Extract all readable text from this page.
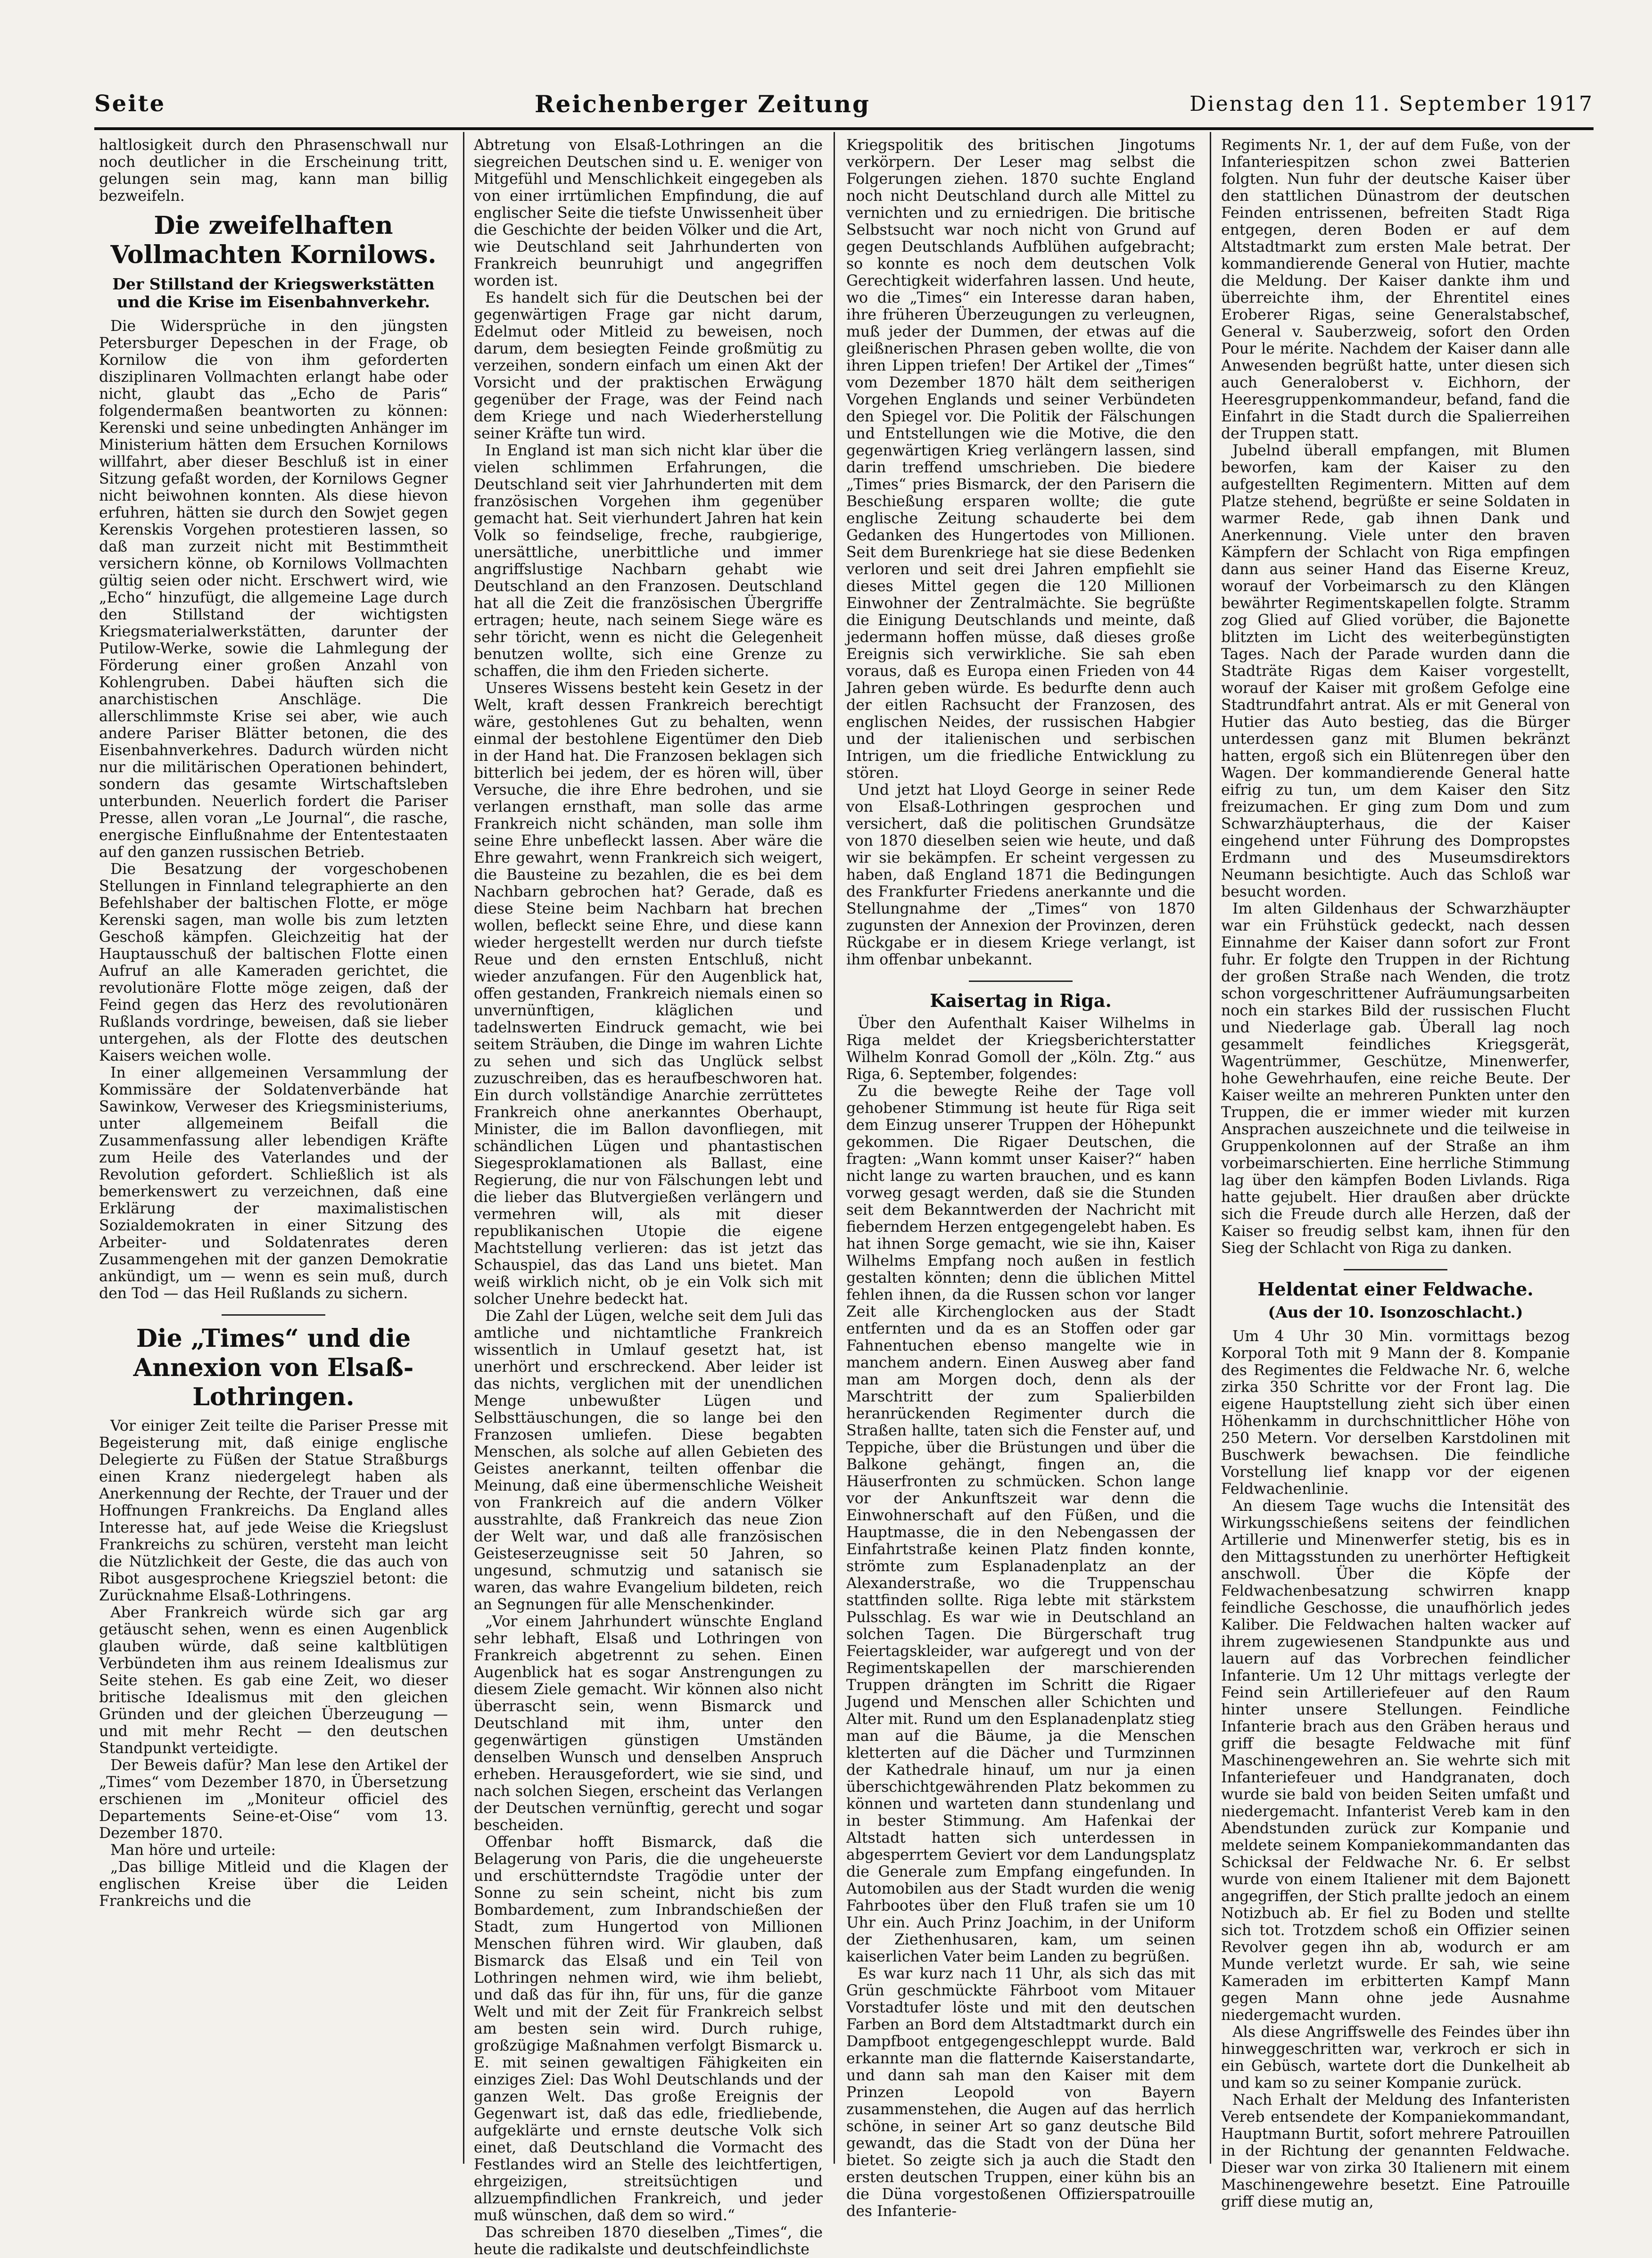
Seite	Reichenberger Zeitung	Dienstag den 11. September 1917

haltlosigkeit durch den Phrasenschwall nur noch deutlicher in die Erscheinung tritt, gelungen sein mag, kann man billig bezweifeln.

Die zweifelhaften Vollmachten Kornilows.
Der Stillstand der Kriegswerkstätten und die Krise im Eisenbahnverkehr.

Die Widersprüche in den jüngsten Petersburger Depeschen in der Frage, ob Kornilow die von ihm geforderten disziplinaren Vollmachten erlangt habe oder nicht, glaubt das „Echo de Paris“ folgendermaßen beantworten zu können: Kerenski und seine unbedingten Anhänger im Ministerium hätten dem Ersuchen Kornilows willfahrt, aber dieser Beschluß ist in einer Sitzung gefaßt worden, der Kornilows Gegner nicht beiwohnen konnten. Als diese hievon erfuhren, hätten sie durch den Sowjet gegen Kerenskis Vorgehen protestieren lassen, so daß man zurzeit nicht mit Bestimmtheit versichern könne, ob Kornilows Vollmachten gültig seien oder nicht. Erschwert wird, wie „Echo“ hinzufügt, die allgemeine Lage durch den Stillstand der wichtigsten Kriegsmaterialwerkstätten, darunter der Putilow-Werke, sowie die Lahmlegung der Förderung einer großen Anzahl von Kohlengruben. Dabei häuften sich die anarchistischen Anschläge. Die allerschlimmste Krise sei aber, wie auch andere Pariser Blätter betonen, die des Eisenbahnverkehres. Dadurch würden nicht nur die militärischen Operationen behindert, sondern das gesamte Wirtschaftsleben unterbunden. Neuerlich fordert die Pariser Presse, allen voran „Le Journal“, die rasche, energische Einflußnahme der Ententestaaten auf den ganzen russischen Betrieb.

Die Besatzung der vorgeschobenen Stellungen in Finnland telegraphierte an den Befehlshaber der baltischen Flotte, er möge Kerenski sagen, man wolle bis zum letzten Geschoß kämpfen. Gleichzeitig hat der Hauptausschuß der baltischen Flotte einen Aufruf an alle Kameraden gerichtet, die revolutionäre Flotte möge zeigen, daß der Feind gegen das Herz des revolutionären Rußlands vordringe, beweisen, daß sie lieber untergehen, als der Flotte des deutschen Kaisers weichen wolle.

In einer allgemeinen Versammlung der Kommissäre der Soldatenverbände hat Sawinkow, Verweser des Kriegsministeriums, unter allgemeinem Beifall die Zusammenfassung aller lebendigen Kräfte zum Heile des Vaterlandes und der Revolution gefordert. Schließlich ist als bemerkenswert zu verzeichnen, daß eine Erklärung der maximalistischen Sozialdemokraten in einer Sitzung des Arbeiter- und Soldatenrates deren Zusammengehen mit der ganzen Demokratie ankündigt, um — wenn es sein muß, durch den Tod — das Heil Rußlands zu sichern.

Die „Times“ und die Annexion von Elsaß-Lothringen.

Vor einiger Zeit teilte die Pariser Presse mit Begeisterung mit, daß einige englische Delegierte zu Füßen der Statue Straßburgs einen Kranz niedergelegt haben als Anerkennung der Rechte, der Trauer und der Hoffnungen Frankreichs. Da England alles Interesse hat, auf jede Weise die Kriegslust Frankreichs zu schüren, versteht man leicht die Nützlichkeit der Geste, die das auch von Ribot ausgesprochene Kriegsziel betont: die Zurücknahme Elsaß-Lothringens.

Aber Frankreich würde sich gar arg getäuscht sehen, wenn es einen Augenblick glauben würde, daß seine kaltblütigen Verbündeten ihm aus reinem Idealismus zur Seite stehen. Es gab eine Zeit, wo dieser britische Idealismus mit den gleichen Gründen und der gleichen Überzeugung — und mit mehr Recht — den deutschen Standpunkt verteidigte.

Der Beweis dafür? Man lese den Artikel der „Times“ vom Dezember 1870, in Übersetzung erschienen im „Moniteur officiel des Departements Seine-et-Oise“ vom 13. Dezember 1870.

Man höre und urteile:

„Das billige Mitleid und die Klagen der englischen Kreise über die Leiden Frankreichs und die

Abtretung von Elsaß-Lothringen an die siegreichen Deutschen sind u. E. weniger von Mitgefühl und Menschlichkeit eingegeben als von einer irrtümlichen Empfindung, die auf englischer Seite die tiefste Unwissenheit über die Geschichte der beiden Völker und die Art, wie Deutschland seit Jahrhunderten von Frankreich beunruhigt und angegriffen worden ist.

Es handelt sich für die Deutschen bei der gegenwärtigen Frage gar nicht darum, Edelmut oder Mitleid zu beweisen, noch darum, dem besiegten Feinde großmütig zu verzeihen, sondern einfach um einen Akt der Vorsicht und der praktischen Erwägung gegenüber der Frage, was der Feind nach dem Kriege und nach Wiederherstellung seiner Kräfte tun wird.

In England ist man sich nicht klar über die vielen schlimmen Erfahrungen, die Deutschland seit vier Jahrhunderten mit dem französischen Vorgehen ihm gegenüber gemacht hat. Seit vierhundert Jahren hat kein Volk so feindselige, freche, raubgierige, unersättliche, unerbittliche und immer angriffslustige Nachbarn gehabt wie Deutschland an den Franzosen. Deutschland hat all die Zeit die französischen Übergriffe ertragen; heute, nach seinem Siege wäre es sehr töricht, wenn es nicht die Gelegenheit benutzen wollte, sich eine Grenze zu schaffen, die ihm den Frieden sicherte.

Unseres Wissens besteht kein Gesetz in der Welt, kraft dessen Frankreich berechtigt wäre, gestohlenes Gut zu behalten, wenn einmal der bestohlene Eigentümer den Dieb in der Hand hat. Die Franzosen beklagen sich bitterlich bei jedem, der es hören will, über Versuche, die ihre Ehre bedrohen, und sie verlangen ernsthaft, man solle das arme Frankreich nicht schänden, man solle ihm seine Ehre unbefleckt lassen. Aber wäre die Ehre gewahrt, wenn Frankreich sich weigert, die Bausteine zu bezahlen, die es bei dem Nachbarn gebrochen hat? Gerade, daß es diese Steine beim Nachbarn hat brechen wollen, befleckt seine Ehre, und diese kann wieder hergestellt werden nur durch tiefste Reue und den ernsten Entschluß, nicht wieder anzufangen. Für den Augenblick hat, offen gestanden, Frankreich niemals einen so unvernünftigen, kläglichen und tadelnswerten Eindruck gemacht, wie bei seitem Sträuben, die Dinge im wahren Lichte zu sehen und sich das Unglück selbst zuzuschreiben, das es heraufbeschworen hat. Ein durch vollständige Anarchie zerrüttetes Frankreich ohne anerkanntes Oberhaupt, Minister, die im Ballon davonfliegen, mit schändlichen Lügen und phantastischen Siegesproklamationen als Ballast, eine Regierung, die nur von Fälschungen lebt und die lieber das Blutvergießen verlängern und vermehren will, als mit dieser republikanischen Utopie die eigene Machtstellung verlieren: das ist jetzt das Schauspiel, das das Land uns bietet. Man weiß wirklich nicht, ob je ein Volk sich mit solcher Unehre bedeckt hat.

Die Zahl der Lügen, welche seit dem Juli das amtliche und nichtamtliche Frankreich wissentlich in Umlauf gesetzt hat, ist unerhört und erschreckend. Aber leider ist das nichts, verglichen mit der unendlichen Menge unbewußter Lügen und Selbsttäuschungen, die so lange bei den Franzosen umliefen. Diese begabten Menschen, als solche auf allen Gebieten des Geistes anerkannt, teilten offenbar die Meinung, daß eine übermenschliche Weisheit von Frankreich auf die andern Völker ausstrahlte, daß Frankreich das neue Zion der Welt war, und daß alle französischen Geisteserzeugnisse seit 50 Jahren, so ungesund, schmutzig und satanisch sie waren, das wahre Evangelium bildeten, reich an Segnungen für alle Menschenkinder.

„Vor einem Jahrhundert wünschte England sehr lebhaft, Elsaß und Lothringen von Frankreich abgetrennt zu sehen. Einen Augenblick hat es sogar Anstrengungen zu diesem Ziele gemacht. Wir können also nicht überrascht sein, wenn Bismarck und Deutschland mit ihm, unter den gegenwärtigen günstigen Umständen denselben Wunsch und denselben Anspruch erheben. Herausgefordert, wie sie sind, und nach solchen Siegen, erscheint das Verlangen der Deutschen vernünftig, gerecht und sogar bescheiden.

Offenbar hofft Bismarck, daß die Belagerung von Paris, die die ungeheuerste und erschütterndste Tragödie unter der Sonne zu sein scheint, nicht bis zum Bombardement, zum Inbrandschießen der Stadt, zum Hungertod von Millionen Menschen führen wird. Wir glauben, daß Bismarck das Elsaß und ein Teil von Lothringen nehmen wird, wie ihm beliebt, und daß das für ihn, für uns, für die ganze Welt und mit der Zeit für Frankreich selbst am besten sein wird. Durch ruhige, großzügige Maßnahmen verfolgt Bismarck u. E. mit seinen gewaltigen Fähigkeiten ein einziges Ziel: Das Wohl Deutschlands und der ganzen Welt. Das große Ereignis der Gegenwart ist, daß das edle, friedliebende, aufgeklärte und ernste deutsche Volk sich einet, daß Deutschland die Vormacht des Festlandes wird an Stelle des leichtfertigen, ehrgeizigen, streitsüchtigen und allzuempfindlichen Frankreich, und jeder muß wünschen, daß dem so wird.“

Das schreiben 1870 dieselben „Times“, die heute die radikalste und deutschfeindlichste

Kriegspolitik des britischen Jingotums verkörpern. Der Leser mag selbst die Folgerungen ziehen. 1870 suchte England noch nicht Deutschland durch alle Mittel zu vernichten und zu erniedrigen. Die britische Selbstsucht war noch nicht von Grund auf gegen Deutschlands Aufblühen aufgebracht; so konnte es noch dem deutschen Volk Gerechtigkeit widerfahren lassen. Und heute, wo die „Times“ ein Interesse daran haben, ihre früheren Überzeugungen zu verleugnen, muß jeder der Dummen, der etwas auf die gleißnerischen Phrasen geben wollte, die von ihren Lippen triefen! Der Artikel der „Times“ vom Dezember 1870 hält dem seitherigen Vorgehen Englands und seiner Verbündeten den Spiegel vor. Die Politik der Fälschungen und Entstellungen wie die Motive, die den gegenwärtigen Krieg verlängern lassen, sind darin treffend umschrieben. Die biedere „Times“ pries Bismarck, der den Parisern die Beschießung ersparen wollte; die gute englische Zeitung schauderte bei dem Gedanken des Hungertodes von Millionen. Seit dem Burenkriege hat sie diese Bedenken verloren und seit drei Jahren empfiehlt sie dieses Mittel gegen die 120 Millionen Einwohner der Zentralmächte. Sie begrüßte die Einigung Deutschlands und meinte, daß jedermann hoffen müsse, daß dieses große Ereignis sich verwirkliche. Sie sah eben voraus, daß es Europa einen Frieden von 44 Jahren geben würde. Es bedurfte denn auch der eitlen Rachsucht der Franzosen, des englischen Neides, der russischen Habgier und der italienischen und serbischen Intrigen, um die friedliche Entwicklung zu stören.

Und jetzt hat Lloyd George in seiner Rede von Elsaß-Lothringen gesprochen und versichert, daß die politischen Grundsätze von 1870 dieselben seien wie heute, und daß wir sie bekämpfen. Er scheint vergessen zu haben, daß England 1871 die Bedingungen des Frankfurter Friedens anerkannte und die Stellungnahme der „Times“ von 1870 zugunsten der Annexion der Provinzen, deren Rückgabe er in diesem Kriege verlangt, ist ihm offenbar unbekannt.

Kaisertag in Riga.

Über den Aufenthalt Kaiser Wilhelms in Riga meldet der Kriegsberichterstatter Wilhelm Konrad Gomoll der „Köln. Ztg.“ aus Riga, 6. September, folgendes:

Zu die bewegte Reihe der Tage voll gehobener Stimmung ist heute für Riga seit dem Einzug unserer Truppen der Höhepunkt gekommen. Die Rigaer Deutschen, die fragten: „Wann kommt unser Kaiser?“ haben nicht lange zu warten brauchen, und es kann vorweg gesagt werden, daß sie die Stunden seit dem Bekanntwerden der Nachricht mit fieberndem Herzen entgegengelebt haben. Es hat ihnen Sorge gemacht, wie sie ihn, Kaiser Wilhelms Empfang noch außen in festlich gestalten könnten; denn die üblichen Mittel fehlen ihnen, da die Russen schon vor langer Zeit alle Kirchenglocken aus der Stadt entfernten und da es an Stoffen oder gar Fahnentuchen ebenso mangelte wie in manchem andern. Einen Ausweg aber fand man am Morgen doch, denn als der Marschtritt der zum Spalierbilden heranrückenden Regimenter durch die Straßen hallte, taten sich die Fenster auf, und Teppiche, über die Brüstungen und über die Balkone gehängt, fingen an, die Häuserfronten zu schmücken. Schon lange vor der Ankunftszeit war denn die Einwohnerschaft auf den Füßen, und die Hauptmasse, die in den Nebengassen der Einfahrtstraße keinen Platz finden konnte, strömte zum Esplanadenplatz an der Alexanderstraße, wo die Truppenschau stattfinden sollte. Riga lebte mit stärkstem Pulsschlag. Es war wie in Deutschland an solchen Tagen. Die Bürgerschaft trug Feiertagskleider, war aufgeregt und von der Regimentskapellen der marschierenden Truppen drängten im Schritt die Rigaer Jugend und Menschen aller Schichten und Alter mit. Rund um den Esplanadenplatz stieg man auf die Bäume, ja die Menschen kletterten auf die Dächer und Turmzinnen der Kathedrale hinauf, um nur ja einen überschichtgewährenden Platz bekommen zu können und warteten dann stundenlang und in bester Stimmung. Am Hafenkai der Altstadt hatten sich unterdessen in abgesperrtem Geviert vor dem Landungsplatz die Generale zum Empfang eingefunden. In Automobilen aus der Stadt wurden die wenig Fahrbootes über den Fluß trafen sie um 10 Uhr ein. Auch Prinz Joachim, in der Uniform der Ziethenhusaren, kam, um seinen kaiserlichen Vater beim Landen zu begrüßen.

Es war kurz nach 11 Uhr, als sich das mit Grün geschmückte Fährboot vom Mitauer Vorstadtufer löste und mit den deutschen Farben an Bord dem Altstadtmarkt durch ein Dampfboot entgegengeschleppt wurde. Bald erkannte man die flatternde Kaiserstandarte, und dann sah man den Kaiser mit dem Prinzen Leopold von Bayern zusammenstehen, die Augen auf das herrlich schöne, in seiner Art so ganz deutsche Bild gewandt, das die Stadt von der Düna her bietet. So zeigte sich ja auch die Stadt den ersten deutschen Truppen, einer kühn bis an die Düna vorgestoßenen Offizierspatrouille des Infanterie-

Regiments Nr. 1, der auf dem Fuße, von der Infanteriespitzen schon zwei Batterien folgten. Nun fuhr der deutsche Kaiser über den stattlichen Dünastrom der deutschen Feinden entrissenen, befreiten Stadt Riga entgegen, deren Boden er auf dem Altstadtmarkt zum ersten Male betrat. Der kommandierende General von Hutier, machte die Meldung. Der Kaiser dankte ihm und überreichte ihm, der Ehrentitel eines Eroberer Rigas, seine Generalstabschef, General v. Sauberzweig, sofort den Orden Pour le mérite. Nachdem der Kaiser dann alle Anwesenden begrüßt hatte, unter diesen sich auch Generaloberst v. Eichhorn, der Heeresgruppenkommandeur, befand, fand die Einfahrt in die Stadt durch die Spalierreihen der Truppen statt.

Jubelnd überall empfangen, mit Blumen beworfen, kam der Kaiser zu den aufgestellten Regimentern. Mitten auf dem Platze stehend, begrüßte er seine Soldaten in warmer Rede, gab ihnen Dank und Anerkennung. Viele unter den braven Kämpfern der Schlacht von Riga empfingen dann aus seiner Hand das Eiserne Kreuz, worauf der Vorbeimarsch zu den Klängen bewährter Regimentskapellen folgte. Stramm zog Glied auf Glied vorüber, die Bajonette blitzten im Licht des weiterbegünstigten Tages. Nach der Parade wurden dann die Stadträte Rigas dem Kaiser vorgestellt, worauf der Kaiser mit großem Gefolge eine Stadtrundfahrt antrat. Als er mit General von Hutier das Auto bestieg, das die Bürger unterdessen ganz mit Blumen bekränzt hatten, ergoß sich ein Blütenregen über den Wagen. Der kommandierende General hatte eifrig zu tun, um dem Kaiser den Sitz freizumachen. Er ging zum Dom und zum Schwarzhäupterhaus, die der Kaiser eingehend unter Führung des Dompropstes Erdmann und des Museumsdirektors Neumann besichtigte. Auch das Schloß war besucht worden.

Im alten Gildenhaus der Schwarzhäupter war ein Frühstück gedeckt, nach dessen Einnahme der Kaiser dann sofort zur Front fuhr. Er folgte den Truppen in der Richtung der großen Straße nach Wenden, die trotz schon vorgeschrittener Aufräumungsarbeiten noch ein starkes Bild der russischen Flucht und Niederlage gab. Überall lag noch gesammelt feindliches Kriegsgerät, Wagentrümmer, Geschütze, Minenwerfer, hohe Gewehrhaufen, eine reiche Beute. Der Kaiser weilte an mehreren Punkten unter den Truppen, die er immer wieder mit kurzen Ansprachen auszeichnete und die teilweise in Gruppenkolonnen auf der Straße an ihm vorbeimarschierten. Eine herrliche Stimmung lag über den kämpfen Boden Livlands. Riga hatte gejubelt. Hier draußen aber drückte sich die Freude durch alle Herzen, daß der Kaiser so freudig selbst kam, ihnen für den Sieg der Schlacht von Riga zu danken.

Heldentat einer Feldwache.
(Aus der 10. Isonzoschlacht.)

Um 4 Uhr 30 Min. vormittags bezog Korporal Toth mit 9 Mann der 8. Kompanie des Regimentes die Feldwache Nr. 6, welche zirka 350 Schritte vor der Front lag. Die eigene Hauptstellung zieht sich über einen Höhenkamm in durchschnittlicher Höhe von 250 Metern. Vor derselben Karstdolinen mit Buschwerk bewachsen. Die feindliche Vorstellung lief knapp vor der eigenen Feldwachenlinie.

An diesem Tage wuchs die Intensität des Wirkungsschießens seitens der feindlichen Artillerie und Minenwerfer stetig, bis es in den Mittagsstunden zu unerhörter Heftigkeit anschwoll. Über die Köpfe der Feldwachenbesatzung schwirren knapp feindliche Geschosse, die unaufhörlich jedes Kaliber. Die Feldwachen halten wacker auf ihrem zugewiesenen Standpunkte aus und lauern auf das Vorbrechen feindlicher Infanterie. Um 12 Uhr mittags verlegte der Feind sein Artilleriefeuer auf den Raum hinter unsere Stellungen. Feindliche Infanterie brach aus den Gräben heraus und griff die besagte Feldwache mit fünf Maschinengewehren an. Sie wehrte sich mit Infanteriefeuer und Handgranaten, doch wurde sie bald von beiden Seiten umfaßt und niedergemacht. Infanterist Vereb kam in den Abendstunden zurück zur Kompanie und meldete seinem Kompaniekommandanten das Schicksal der Feldwache Nr. 6. Er selbst wurde von einem Italiener mit dem Bajonett angegriffen, der Stich prallte jedoch an einem Notizbuch ab. Er fiel zu Boden und stellte sich tot. Trotzdem schoß ein Offizier seinen Revolver gegen ihn ab, wodurch er am Munde verletzt wurde. Er sah, wie seine Kameraden im erbitterten Kampf Mann gegen Mann ohne jede Ausnahme niedergemacht wurden.

Als diese Angriffswelle des Feindes über ihn hinweggeschritten war, verkroch er sich in ein Gebüsch, wartete dort die Dunkelheit ab und kam so zu seiner Kompanie zurück.

Nach Erhalt der Meldung des Infanteristen Vereb entsendete der Kompaniekommandant, Hauptmann Burtit, sofort mehrere Patrouillen in der Richtung der genannten Feldwache. Dieser war von zirka 30 Italienern mit einem Maschinengewehre besetzt. Eine Patrouille griff diese mutig an,
